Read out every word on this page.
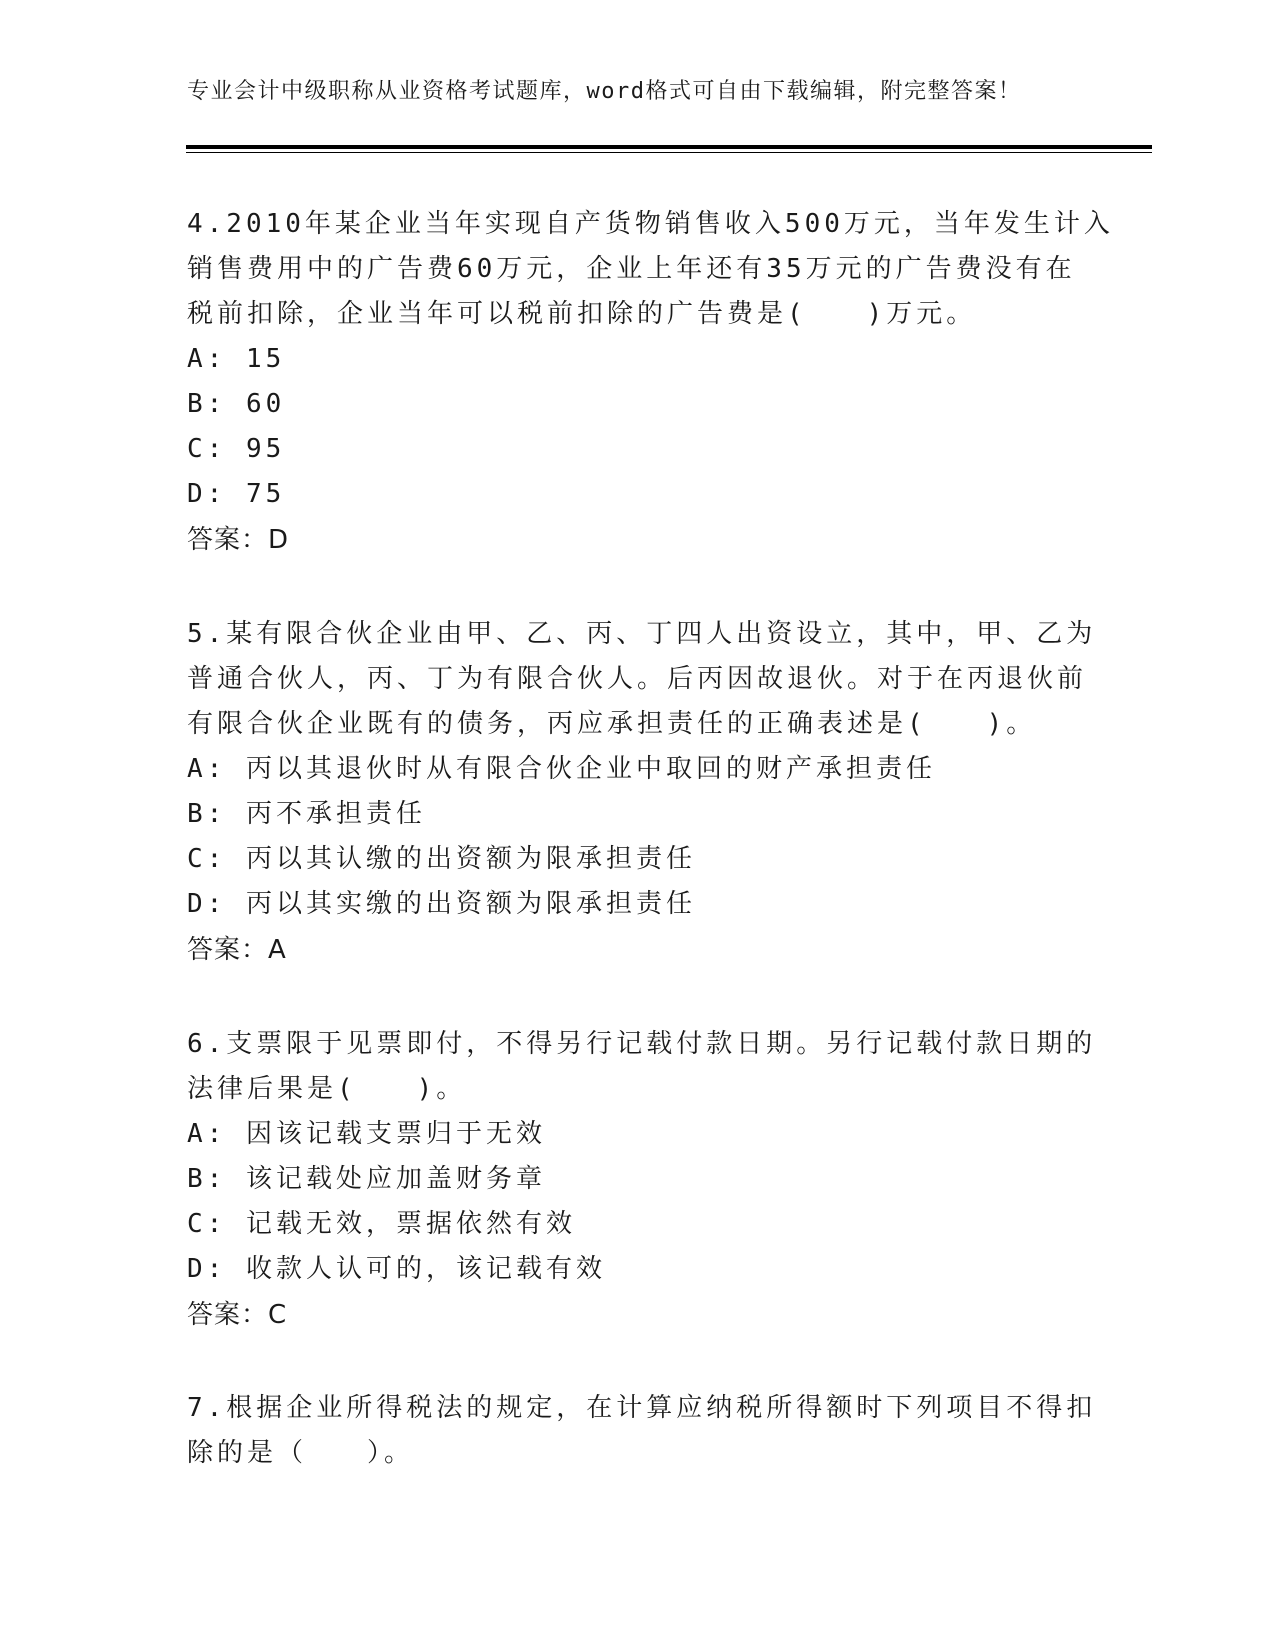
专业会计中级职称从业资格考试题库，word格式可自由下载编辑，附完整答案！
4.2010年某企业当年实现自产货物销售收入500万元，当年发生计入
销售费用中的广告费60万元，企业上年还有35万元的广告费没有在
税前扣除，企业当年可以税前扣除的广告费是(　　)万元。
A: 15
B: 60
C: 95
D: 75
答案：D
5.某有限合伙企业由甲、乙、丙、丁四人出资设立，其中，甲、乙为
普通合伙人，丙、丁为有限合伙人。后丙因故退伙。对于在丙退伙前
有限合伙企业既有的债务，丙应承担责任的正确表述是(　　)。
A: 丙以其退伙时从有限合伙企业中取回的财产承担责任
B: 丙不承担责任
C: 丙以其认缴的出资额为限承担责任
D: 丙以其实缴的出资额为限承担责任
答案：A
6.支票限于见票即付，不得另行记载付款日期。另行记载付款日期的
法律后果是(　　)。
A: 因该记载支票归于无效
B: 该记载处应加盖财务章
C: 记载无效，票据依然有效
D: 收款人认可的，该记载有效
答案：C
7.根据企业所得税法的规定，在计算应纳税所得额时下列项目不得扣
除的是（　　）。
